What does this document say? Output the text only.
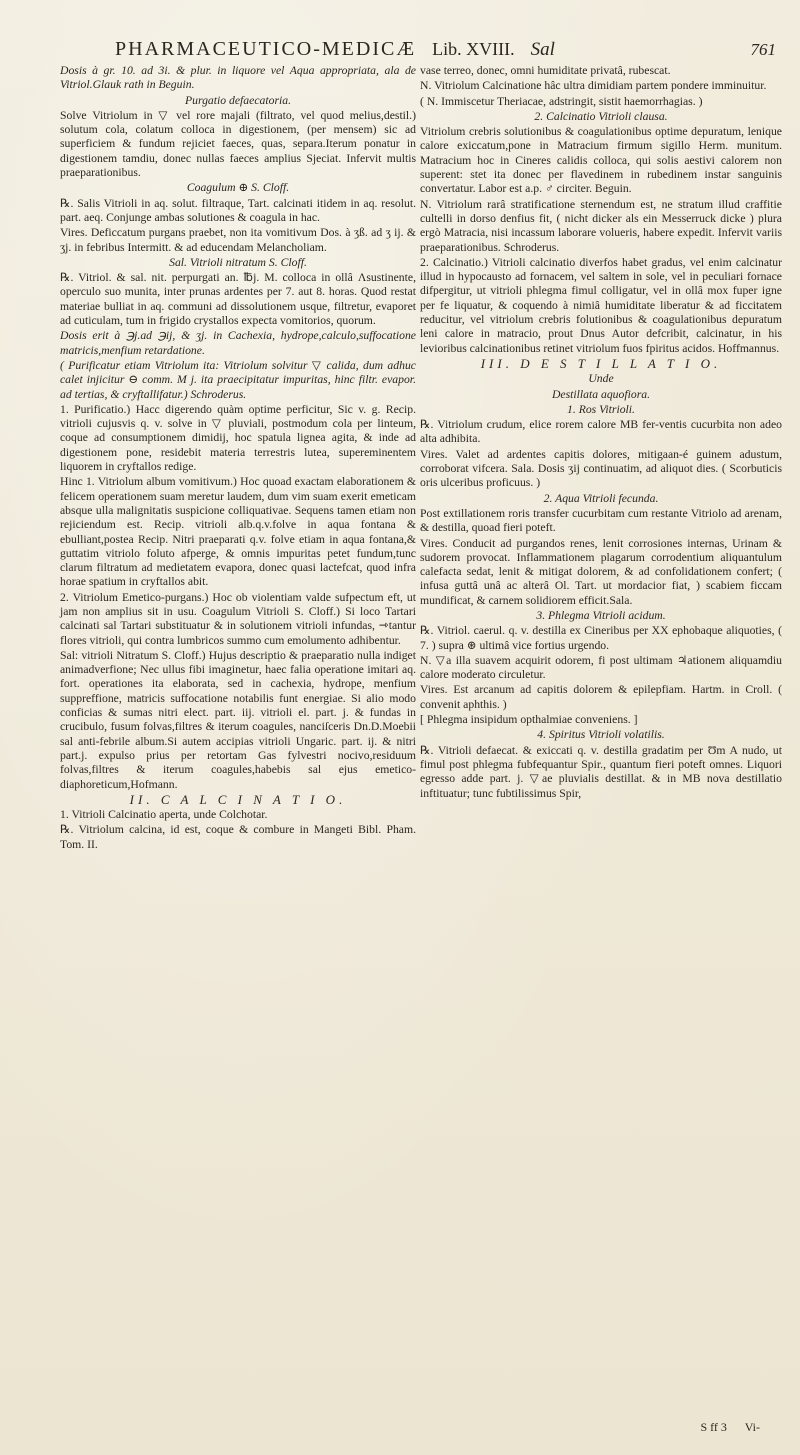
PHARMACEUTICO-MEDICÆ Lib. XVIII. Sal	761

Dosis à gr. 10. ad 3i. & plur. in liquore vel Aqua appropriata, ala de Vitriol.Glauk rath in Beguin.

Purgatio defaecatoria.

Solve Vitriolum in ▽ vel rore majali (filtrato, vel quod melius,destil.) solutum cola, colatum colloca in digestionem, (per mensem) sic ad superficiem & fundum rejiciet faeces, quas, separa.Iterum ponatur in digestionem tamdiu, donec nullas faeces amplius Sjeciat. Infervit multis praeparationibus.

Coagulum ⊕ S. Cloff.

℞. Salis Vitrioli in aq. solut. filtraque, Tart. calcinati itidem in aq. resolut. part. aeq. Conjunge ambas solutiones & coagula in hac.

Vires. Deficcatum purgans praebet, non ita vomitivum Dos. à ʒß. ad ʒ ij. & ʒj. in febribus Intermitt. & ad educendam Melancholiam.

Sal. Vitrioli nitratum S. Cloff.

℞. Vitriol. & sal. nit. perpurgati an. ℔j. M. colloca in ollâ Λsustinente, operculo suo munita, inter prunas ardentes per 7. aut 8. horas. Quod restat materiae bulliat in aq. communi ad dissolutionem usque, filtretur, evaporet ad cuticulam, tum in frigido crystallos expecta vomitorios, quorum.

Dosis erit à ℈j.ad ℈ij, & ʒj. in Cachexia, hydrope,calculo,suffocatione matricis,menfium retardatione.

( Purificatur etiam Vitriolum ita: Vitriolum solvitur ▽ calida, dum adhuc calet injicitur ⊖ comm. M j. ita praecipitatur impuritas, hinc filtr. evapor. ad tertias, & cryftallifatur.) Schroderus.

1. Purificatio.) Hacc digerendo quàm optime perficitur, Sic v. g. Recip. vitrioli cujusvis q. v. solve in ▽ pluviali, postmodum cola per linteum, coque ad consumptionem dimidij, hoc spatula lignea agita, & inde ad digestionem pone, residebit materia terrestris lutea, supereminentem liquorem in cryftallos redige.

Hinc 1. Vitriolum album vomitivum.) Hoc quoad exactam elaborationem & felicem operationem suam meretur laudem, dum vim suam exerit emeticam absque ulla malignitatis suspicione colliquativae. Sequens tamen etiam non rejiciendum est. Recip. vitrioli alb.q.v.folve in aqua fontana & ebulliant,postea Recip. Nitri praeparati q.v. folve etiam in aqua fontana,& guttatim vitriolo foluto afperge, & omnis impuritas petet fundum,tunc clarum filtratum ad medietatem evapora, donec quasi lactefcat, quod infra horae spatium in cryftallos abit.

2. Vitriolum Emetico-purgans.) Hoc ob violentiam valde sufpectum eft, ut jam non amplius sit in usu. Coagulum Vitrioli S. Cloff.) Si loco Tartari calcinati sal Tartari substituatur & in solutionem vitrioli infundas, ⇾tantur flores vitrioli, qui contra lumbricos summo cum emolumento adhibentur.

Sal: vitrioli Nitratum S. Cloff.) Hujus descriptio & praeparatio nulla indiget animadverfione; Nec ullus fibi imaginetur, haec falia operatione imitari aq. fort. operationes ita elaborata, sed in cachexia, hydrope, menfium suppreffione, matricis suffocatione notabilis funt energiae. Si alio modo conficias & sumas nitri elect. part. iij. vitrioli el. part. j. & fundas in crucibulo, fusum folvas,filtres & iterum coagules, nanciſceris Dn.D.Moebii sal anti-febrile album.Si autem accipias vitrioli Ungaric. part. ij. & nitri part.j. expulso prius per retortam Gas fylvestri nocivo,residuum folvas,filtres & iterum coagules,habebis sal ejus emetico-diaphoreticum,Hofmann.

II. C A L C I N A T I O.

1. Vitrioli Calcinatio aperta, unde Colchotar.

℞. Vitriolum calcina, id est, coque & combure in Mangeti Bibl. Pham. Tom. II.

vase terreo, donec, omni humiditate privatâ, rubescat.

N. Vitriolum Calcinatione hâc ultra dimidiam partem pondere imminuitur.

( N. Immiscetur Theriacae, adstringit, sistit haemorrhagias. )

2. Calcinatio Vitrioli clausa.

Vitriolum crebris solutionibus & coagulationibus optime depuratum, lenique calore exiccatum,pone in Matracium firmum sigillo Herm. munitum. Matracium hoc in Cineres calidis colloca, qui solis aestivi calorem non superent: stet ita donec per flavedinem in rubedinem instar sanguinis convertatur. Labor est a.p. ♂ circiter. Beguin.

N. Vitriolum rarâ stratificatione sternendum est, ne stratum illud craffitie cultelli in dorso denfius fit, ( nicht dicker als ein Messerruck dicke ) plura ergò Matracia, nisi incassum laborare volueris, habere expedit. Infervit variis praeparationibus. Schroderus.

2. Calcinatio.) Vitrioli calcinatio diverfos habet gradus, vel enim calcinatur illud in hypocausto ad fornacem, vel saltem in sole, vel in peculiari fornace difpergitur, ut vitrioli phlegma fimul colligatur, vel in ollâ mox fuper igne per fe liquatur, & coquendo à nimiâ humiditate liberatur & ad ficcitatem reducitur, vel vitriolum crebris folutionibus & coagulationibus depuratum leni calore in matracio, prout Dnus Autor defcribit, calcinatur, in his levioribus calcinationibus retinet vitriolum fuos fpiritus acidos. Hoffmannus.

III. D E S T I L L A T I O.

Unde

Destillata aquofiora.

1. Ros Vitrioli.

℞. Vitriolum crudum, elice rorem calore MB fer-ventis cucurbita non adeo alta adhibita.

Vires. Valet ad ardentes capitis dolores, mitigaan-é guinem adustum, corroborat vifcera. Sala. Dosis ʒij continuatim, ad aliquot dies. ( Scorbuticis oris ulceribus proficuus. )

2. Aqua Vitrioli fecunda.

Post extillationem roris transfer cucurbitam cum restante Vitriolo ad arenam, & destilla, quoad fieri poteft.

Vires. Conducit ad purgandos renes, lenit corrosiones internas, Urinam & sudorem provocat. Inflammationem plagarum corrodentium aliquantulum calefacta sedat, lenit & mitigat dolorem, & ad confolidationem confert; ( infusa guttâ unâ ac alterâ Ol. Tart. ut mordacior fiat, ) scabiem ficcam mundificat, & carnem solidiorem efficit.Sala.

3. Phlegma Vitrioli acidum.

℞. Vitriol. caerul. q. v. destilla ex Cineribus per XX ephobaque aliquoties, ( 7. ) supra ⊛ ultimâ vice fortius urgendo.

N. ▽a illa suavem acquirit odorem, fi post ultimam ♃ationem aliquamdiu calore moderato circuletur.

Vires. Est arcanum ad capitis dolorem & epilepfiam. Hartm. in Croll. ( convenit aphthis. )

[ Phlegma insipidum opthalmiae conveniens. ]

4. Spiritus Vitrioli volatilis.

℞. Vitrioli defaecat. & exiccati q. v. destilla gradatim per Ʊm A nudo, ut fimul post phlegma fubfequantur Spir., quantum fieri poteft omnes. Liquori egresso adde part. j. ▽ae pluvialis destillat. & in MB nova destillatio inftituatur; tunc fubtilissimus Spir,

S ff 3 Vi-
